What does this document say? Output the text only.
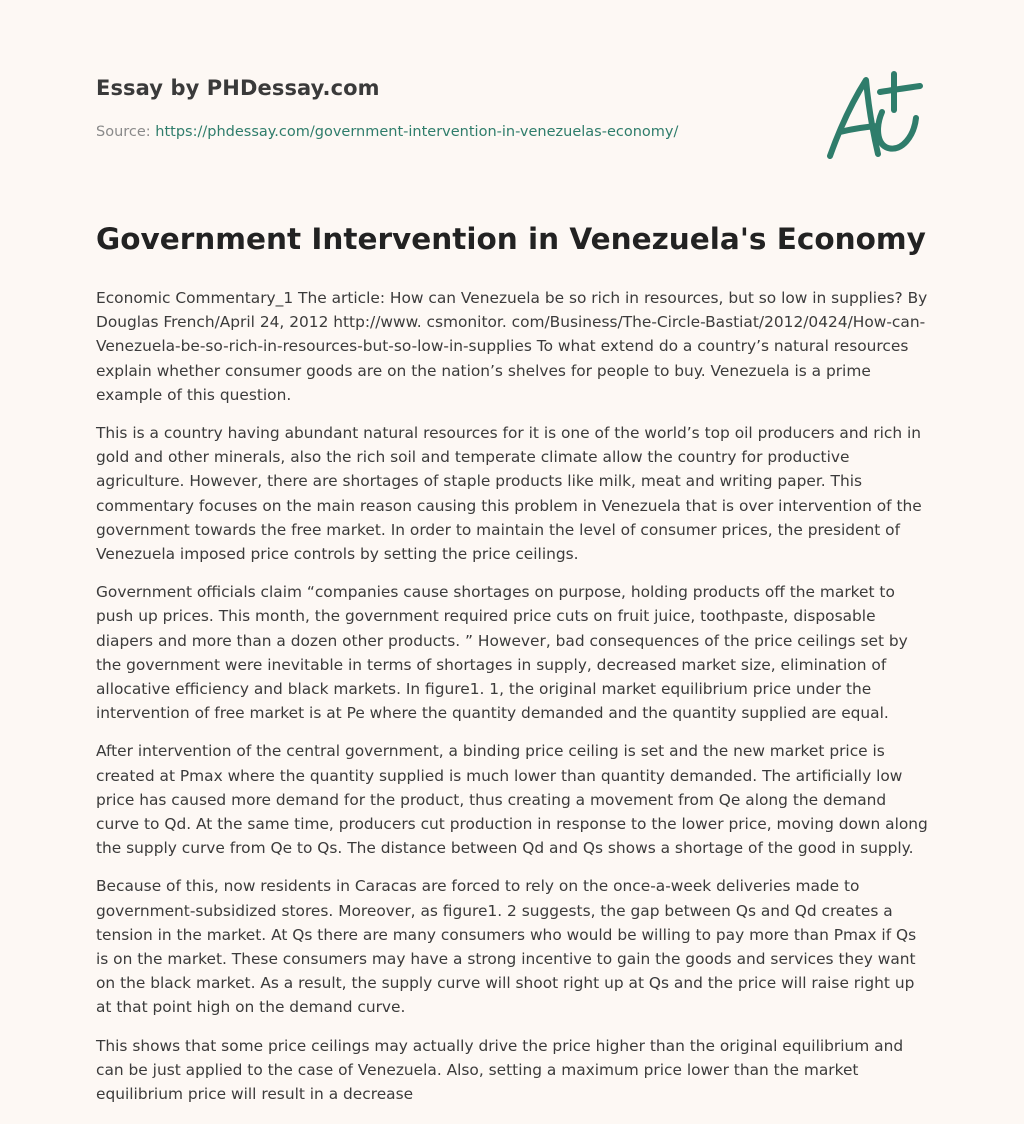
Essay by PHDessay.com
Source: https://phdessay.com/government-intervention-in-venezuelas-economy/
Government Intervention in Venezuela's Economy

Economic Commentary_1 The article: How can Venezuela be so rich in resources, but so low in supplies? By Douglas French/April 24, 2012 http://www. csmonitor. com/Business/The-Circle-Bastiat/2012/0424/How-can-Venezuela-be-so-rich-in-resources-but-so-low-in-supplies To what extend do a country’s natural resources explain whether consumer goods are on the nation’s shelves for people to buy. Venezuela is a prime example of this question.

This is a country having abundant natural resources for it is one of the world’s top oil producers and rich in gold and other minerals, also the rich soil and temperate climate allow the country for productive agriculture. However, there are shortages of staple products like milk, meat and writing paper. This commentary focuses on the main reason causing this problem in Venezuela that is over intervention of the government towards the free market. In order to maintain the level of consumer prices, the president of Venezuela imposed price controls by setting the price ceilings.

Government officials claim “companies cause shortages on purpose, holding products off the market to push up prices. This month, the government required price cuts on fruit juice, toothpaste, disposable diapers and more than a dozen other products. ” However, bad consequences of the price ceilings set by the government were inevitable in terms of shortages in supply, decreased market size, elimination of allocative efficiency and black markets. In figure1. 1, the original market equilibrium price under the intervention of free market is at Pe where the quantity demanded and the quantity supplied are equal.

After intervention of the central government, a binding price ceiling is set and the new market price is created at Pmax where the quantity supplied is much lower than quantity demanded. The artificially low price has caused more demand for the product, thus creating a movement from Qe along the demand curve to Qd. At the same time, producers cut production in response to the lower price, moving down along the supply curve from Qe to Qs. The distance between Qd and Qs shows a shortage of the good in supply.

Because of this, now residents in Caracas are forced to rely on the once-a-week deliveries made to government-subsidized stores. Moreover, as figure1. 2 suggests, the gap between Qs and Qd creates a tension in the market. At Qs there are many consumers who would be willing to pay more than Pmax if Qs is on the market. These consumers may have a strong incentive to gain the goods and services they want on the black market. As a result, the supply curve will shoot right up at Qs and the price will raise right up at that point high on the demand curve.

This shows that some price ceilings may actually drive the price higher than the original equilibrium and can be just applied to the case of Venezuela. Also, setting a maximum price lower than the market equilibrium price will result in a decrease
